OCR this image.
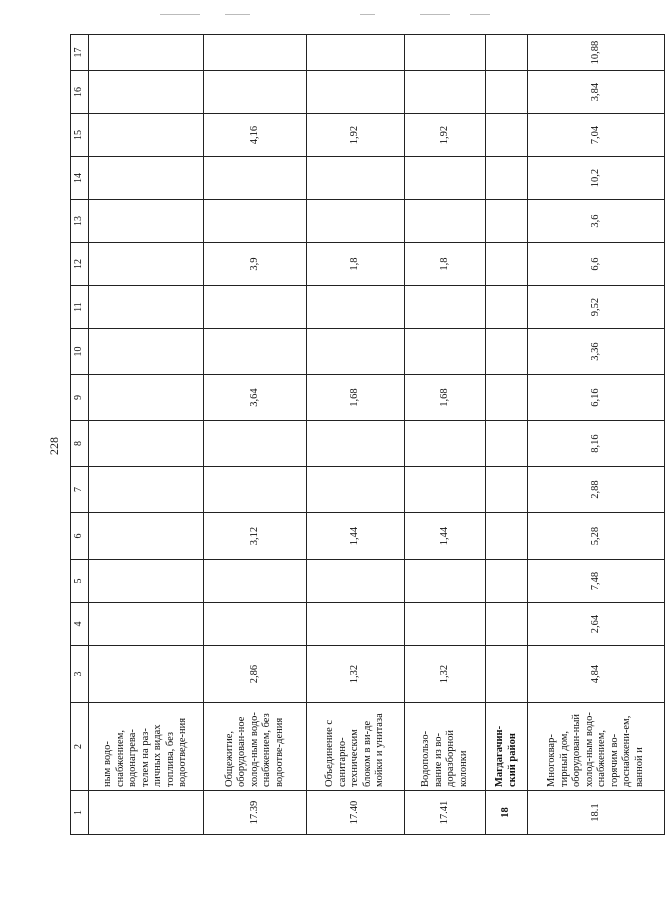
228
1	2	3	4	5	6	7	8	9	10	11	12	13	14	15	16	17
	ным водо-снабжением, водонагрева-телем на раз-личных видах топлива, без водоотведе-ния															
17.39	Общежитие, оборудован-ное холод-ным водо-снабжением, без водоотве-дения	2,86			3,12			3,64			3,9			4,16		
17.40	Объединение с санитарно-техническим блоком в ви-де мойки и унитаза	1,32			1,44			1,68			1,8			1,92		
17.41	Водопользо-вание из во-доразборной колонки	1,32			1,44			1,68			1,8			1,92		
18	Магдагачин-ский район															
18.1	Многоквар-тирный дом, оборудован-ный холод-ным водо-снабжением, горячим во-доснабжени-ем, ванной и	4,84	2,64	7,48	5,28	2,88	8,16	6,16	3,36	9,52	6,6	3,6	10,2	7,04	3,84	10,88
